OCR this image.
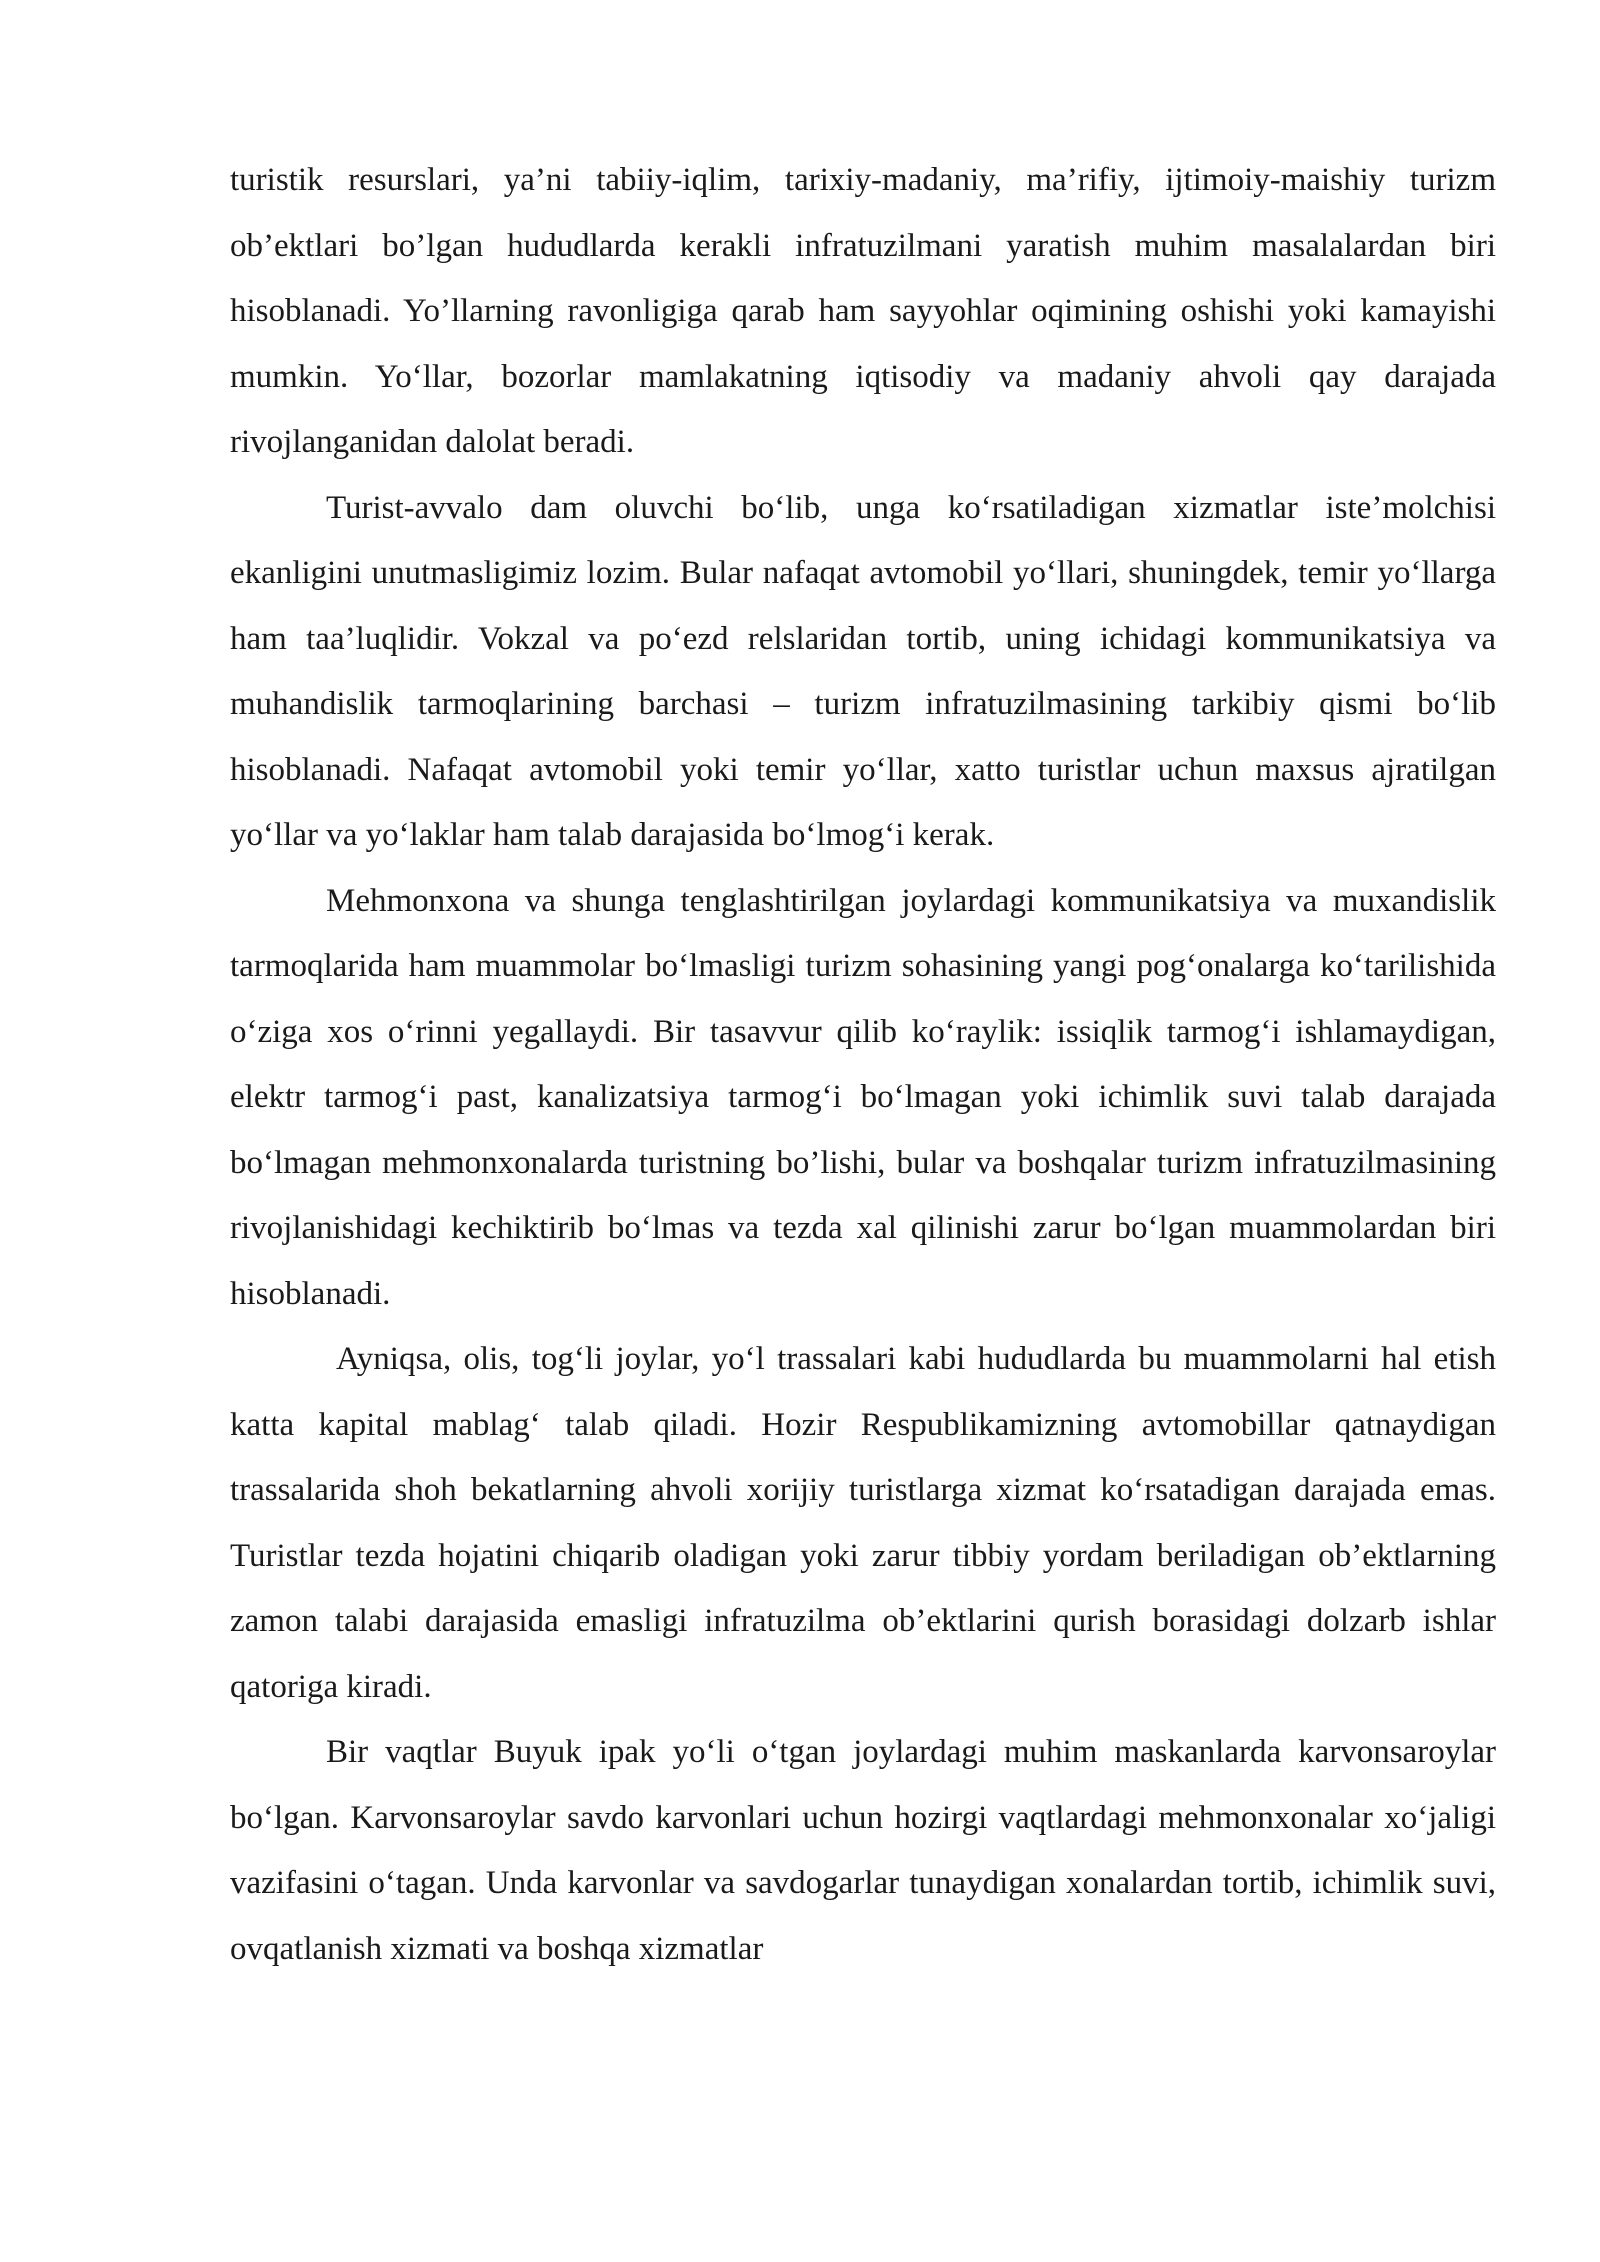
turistik resurslari, ya’ni tabiiy-iqlim, tarixiy-madaniy, ma’rifiy, ijtimoiy-maishiy turizm ob’ektlari bo’lgan hududlarda kerakli infratuzilmani yaratish muhim masalalardan biri hisoblanadi. Yo’llarning ravonligiga qarab ham sayyohlar oqimining oshishi yoki kamayishi mumkin. Yo‘llar, bozorlar mamlakatning iqtisodiy va madaniy ahvoli qay darajada rivojlanganidan dalolat beradi.

Turist-avvalo dam oluvchi bo‘lib, unga ko‘rsatiladigan xizmatlar iste’molchisi ekanligini unutmasligimiz lozim. Bular nafaqat avtomobil yo‘llari, shuningdek, temir yo‘llarga ham taa’luqlidir. Vokzal va po‘ezd relslaridan tortib, uning ichidagi kommunikatsiya va muhandislik tarmoqlarining barchasi – turizm infratuzilmasining tarkibiy qismi bo‘lib hisoblanadi. Nafaqat avtomobil yoki temir yo‘llar, xatto turistlar uchun maxsus ajratilgan yo‘llar va yo‘laklar ham talab darajasida bo‘lmog‘i kerak.

Mehmonxona va shunga tenglashtirilgan joylardagi kommunikatsiya va muxandislik tarmoqlarida ham muammolar bo‘lmasligi turizm sohasining yangi pog‘onalarga ko‘tarilishida o‘ziga xos o‘rinni yegallaydi. Bir tasavvur qilib ko‘raylik: issiqlik tarmog‘i ishlamaydigan, elektr tarmog‘i past, kanalizatsiya tarmog‘i bo‘lmagan yoki ichimlik suvi talab darajada bo‘lmagan mehmonxonalarda turistning bo’lishi, bular va boshqalar turizm infratuzilmasining rivojlanishidagi kechiktirib bo‘lmas va tezda xal qilinishi zarur bo‘lgan muammolardan biri hisoblanadi.

Ayniqsa, olis, tog‘li joylar, yo‘l trassalari kabi hududlarda bu muammolarni hal etish katta kapital mablag‘ talab qiladi. Hozir Respublikamizning avtomobillar qatnaydigan trassalarida shoh bekatlarning ahvoli xorijiy turistlarga xizmat ko‘rsatadigan darajada emas. Turistlar tezda hojatini chiqarib oladigan yoki zarur tibbiy yordam beriladigan ob’ektlarning zamon talabi darajasida emasligi infratuzilma ob’ektlarini qurish borasidagi dolzarb ishlar qatoriga kiradi.

Bir vaqtlar Buyuk ipak yo‘li o‘tgan joylardagi muhim maskanlarda karvonsaroylar bo‘lgan. Karvonsaroylar savdo karvonlari uchun hozirgi vaqtlardagi mehmonxonalar xo‘jaligi vazifasini o‘tagan. Unda karvonlar va savdogarlar tunaydigan xonalardan tortib, ichimlik suvi, ovqatlanish xizmati va boshqa xizmatlar
